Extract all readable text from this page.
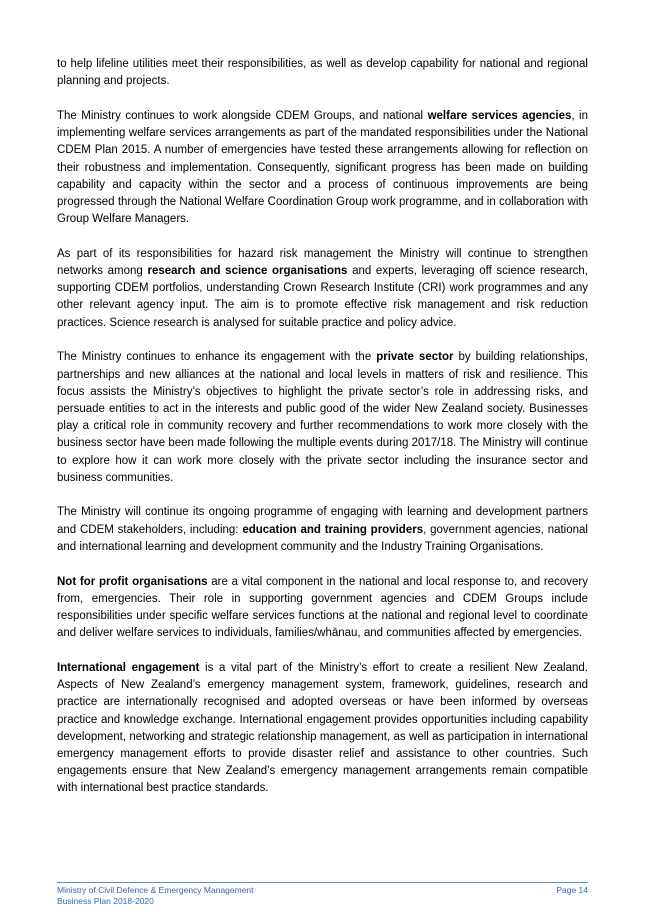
to help lifeline utilities meet their responsibilities, as well as develop capability for national and regional planning and projects.

The Ministry continues to work alongside CDEM Groups, and national welfare services agencies, in implementing welfare services arrangements as part of the mandated responsibilities under the National CDEM Plan 2015. A number of emergencies have tested these arrangements allowing for reflection on their robustness and implementation. Consequently, significant progress has been made on building capability and capacity within the sector and a process of continuous improvements are being progressed through the National Welfare Coordination Group work programme, and in collaboration with Group Welfare Managers.

As part of its responsibilities for hazard risk management the Ministry will continue to strengthen networks among research and science organisations and experts, leveraging off science research, supporting CDEM portfolios, understanding Crown Research Institute (CRI) work programmes and any other relevant agency input. The aim is to promote effective risk management and risk reduction practices. Science research is analysed for suitable practice and policy advice.

The Ministry continues to enhance its engagement with the private sector by building relationships, partnerships and new alliances at the national and local levels in matters of risk and resilience. This focus assists the Ministry’s objectives to highlight the private sector’s role in addressing risks, and persuade entities to act in the interests and public good of the wider New Zealand society. Businesses play a critical role in community recovery and further recommendations to work more closely with the business sector have been made following the multiple events during 2017/18. The Ministry will continue to explore how it can work more closely with the private sector including the insurance sector and business communities.

The Ministry will continue its ongoing programme of engaging with learning and development partners and CDEM stakeholders, including: education and training providers, government agencies, national and international learning and development community and the Industry Training Organisations.

Not for profit organisations are a vital component in the national and local response to, and recovery from, emergencies. Their role in supporting government agencies and CDEM Groups include responsibilities under specific welfare services functions at the national and regional level to coordinate and deliver welfare services to individuals, families/whānau, and communities affected by emergencies.

International engagement is a vital part of the Ministry’s effort to create a resilient New Zealand. Aspects of New Zealand’s emergency management system, framework, guidelines, research and practice are internationally recognised and adopted overseas or have been informed by overseas practice and knowledge exchange. International engagement provides opportunities including capability development, networking and strategic relationship management, as well as participation in international emergency management efforts to provide disaster relief and assistance to other countries. Such engagements ensure that New Zealand’s emergency management arrangements remain compatible with international best practice standards.

Ministry of Civil Defence & Emergency Management
Business Plan 2018-2020
Page 14
